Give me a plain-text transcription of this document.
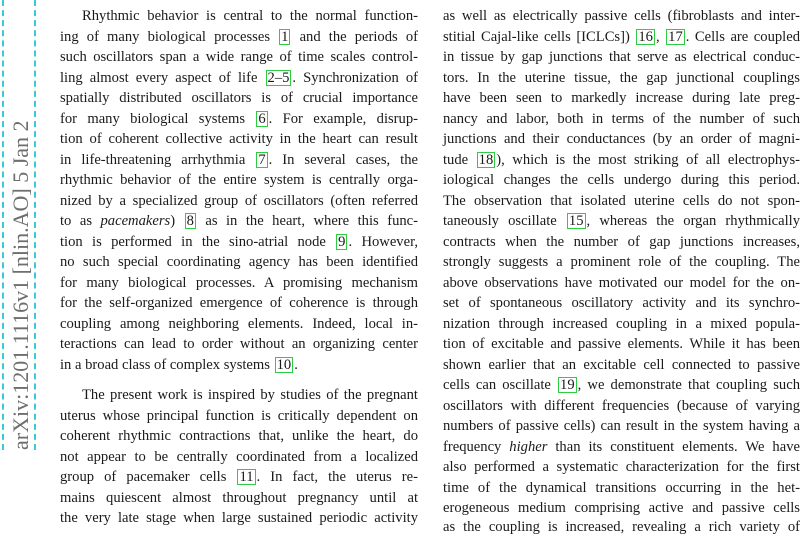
arXiv:1201.1116v1 [nlin.AO] 5 Jan 2
Rhythmic behavior is central to the normal function-
ing of many biological processes 1 and the periods of
such oscillators span a wide range of time scales control-
ling almost every aspect of life 2–5 . Synchronization of
spatially distributed oscillators is of crucial importance
for many biological systems 6 . For example, disrup-
tion of coherent collective activity in the heart can result
in life-threatening arrhythmia 7 . In several cases, the
rhythmic behavior of the entire system is centrally orga-
nized by a specialized group of oscillators (often referred
to as pacemakers) 8 as in the heart, where this func-
tion is performed in the sino-atrial node 9 . However,
no such special coordinating agency has been identified
for many biological processes. A promising mechanism
for the self-organized emergence of coherence is through
coupling among neighboring elements. Indeed, local in-
teractions can lead to order without an organizing center
in a broad class of complex systems 10 .
The present work is inspired by studies of the pregnant
uterus whose principal function is critically dependent on
coherent rhythmic contractions that, unlike the heart, do
not appear to be centrally coordinated from a localized
group of pacemaker cells 11 . In fact, the uterus re-
mains quiescent almost throughout pregnancy until at
the very late stage when large sustained periodic activity
as well as electrically passive cells (fibroblasts and inter-
stitial Cajal-like cells [ICLCs]) 16 , 17 . Cells are coupled
in tissue by gap junctions that serve as electrical conduc-
tors. In the uterine tissue, the gap junctional couplings
have been seen to markedly increase during late preg-
nancy and labor, both in terms of the number of such
junctions and their conductances (by an order of magni-
tude 18 ), which is the most striking of all electrophys-
iological changes the cells undergo during this period.
The observation that isolated uterine cells do not spon-
taneously oscillate 15 , whereas the organ rhythmically
contracts when the number of gap junctions increases,
strongly suggests a prominent role of the coupling. The
above observations have motivated our model for the on-
set of spontaneous oscillatory activity and its synchro-
nization through increased coupling in a mixed popula-
tion of excitable and passive elements. While it has been
shown earlier that an excitable cell connected to passive
cells can oscillate 19 , we demonstrate that coupling such
oscillators with different frequencies (because of varying
numbers of passive cells) can result in the system having a
frequency higher than its constituent elements. We have
also performed a systematic characterization for the first
time of the dynamical transitions occurring in the het-
erogeneous medium comprising active and passive cells
as the coupling is increased, revealing a rich variety of
